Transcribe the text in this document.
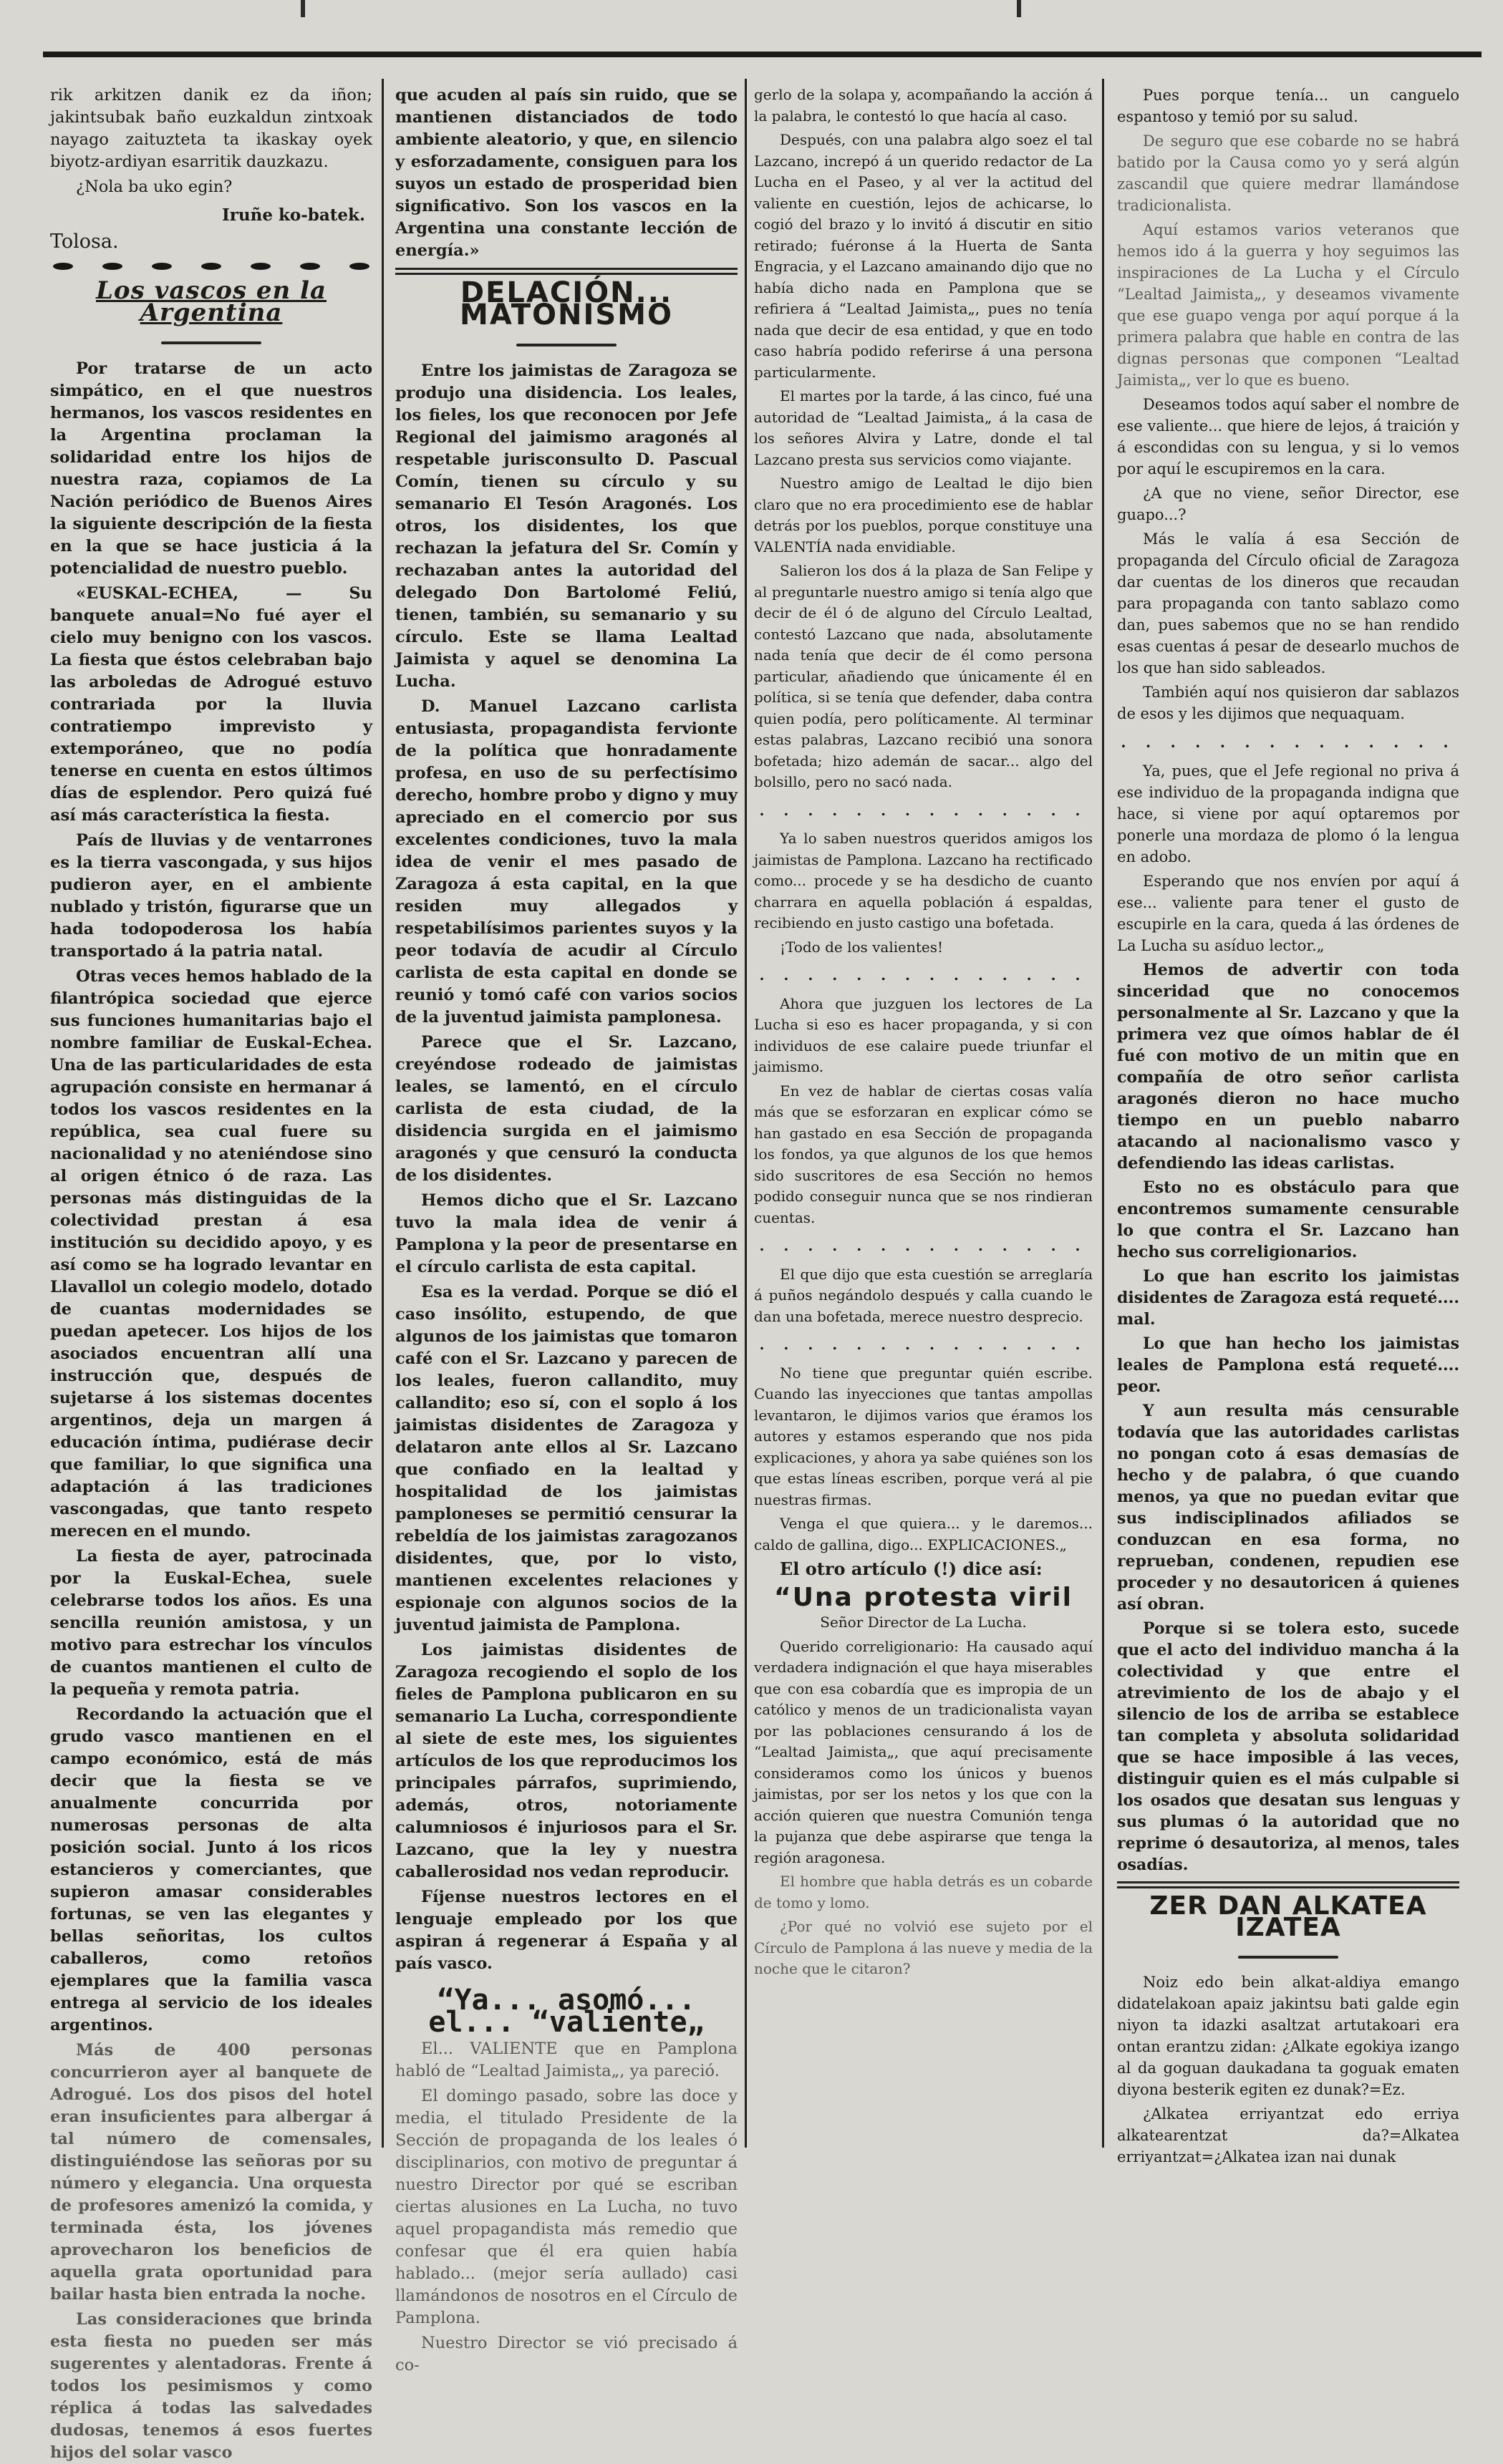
rik arkitzen danik ez da iñon; jakintsubak baño euzkaldun zintxoak nayago zaituzteta ta ikaskay oyek biyotz-ardiyan esarritik dauzkazu.

¿Nola ba uko egin?

Iruñe ko-batek.
Tolosa.
Los vascos en la Argentina

Por tratarse de un acto simpático, en el que nuestros hermanos, los vascos residentes en la Argentina proclaman la solidaridad entre los hijos de nuestra raza, copiamos de La Nación periódico de Buenos Aires la siguiente descripción de la fiesta en la que se hace justicia á la potencialidad de nuestro pueblo.

«EUSKAL-ECHEA, — Su banquete anual=No fué ayer el cielo muy benigno con los vascos. La fiesta que éstos celebraban bajo las arboledas de Adrogué estuvo contrariada por la lluvia contratiempo imprevisto y extemporáneo, que no podía tenerse en cuenta en estos últimos días de esplendor. Pero quizá fué así más característica la fiesta.

País de lluvias y de ventarrones es la tierra vascongada, y sus hijos pudieron ayer, en el ambiente nublado y tristón, figurarse que un hada todopoderosa los había transportado á la patria natal.

Otras veces hemos hablado de la filantrópica sociedad que ejerce sus funciones humanitarias bajo el nombre familiar de Euskal-Echea. Una de las particularidades de esta agrupación consiste en hermanar á todos los vascos residentes en la república, sea cual fuere su nacionalidad y no ateniéndose sino al origen étnico ó de raza. Las personas más distinguidas de la colectividad prestan á esa institución su decidido apoyo, y es así como se ha logrado levantar en Llavallol un colegio modelo, dotado de cuantas modernidades se puedan apetecer. Los hijos de los asociados encuentran allí una instrucción que, después de sujetarse á los sistemas docentes argentinos, deja un margen á educación íntima, pudiérase decir que familiar, lo que significa una adaptación á las tradiciones vascongadas, que tanto respeto merecen en el mundo.

La fiesta de ayer, patrocinada por la Euskal-Echea, suele celebrarse todos los años. Es una sencilla reunión amistosa, y un motivo para estrechar los vínculos de cuantos mantienen el culto de la pequeña y remota patria.

Recordando la actuación que el grudo vasco mantienen en el campo económico, está de más decir que la fiesta se ve anualmente concurrida por numerosas personas de alta posición social. Junto á los ricos estancieros y comerciantes, que supieron amasar considerables fortunas, se ven las elegantes y bellas señoritas, los cultos caballeros, como retoños ejemplares que la familia vasca entrega al servicio de los ideales argentinos.

Más de 400 personas concurrieron ayer al banquete de Adrogué. Los dos pisos del hotel eran insuficientes para albergar á tal número de comensales, distinguiéndose las señoras por su número y elegancia. Una orquesta de profesores amenizó la comida, y terminada ésta, los jóvenes aprovecharon los beneficios de aquella grata oportunidad para bailar hasta bien entrada la noche.

Las consideraciones que brinda esta fiesta no pueden ser más sugerentes y alentadoras. Frente á todos los pesimismos y como réplica á todas las salvedades dudosas, tenemos á esos fuertes hijos del solar vasco

que acuden al país sin ruido, que se mantienen distanciados de todo ambiente aleatorio, y que, en silencio y esforzadamente, consiguen para los suyos un estado de prosperidad bien significativo. Son los vascos en la Argentina una constante lección de energía.»

DELACIÓN... MATONISMO

Entre los jaimistas de Zaragoza se produjo una disidencia. Los leales, los fieles, los que reconocen por Jefe Regional del jaimismo aragonés al respetable jurisconsulto D. Pascual Comín, tienen su círculo y su semanario El Tesón Aragonés. Los otros, los disidentes, los que rechazan la jefatura del Sr. Comín y rechazaban antes la autoridad del delegado Don Bartolomé Feliú, tienen, también, su semanario y su círculo. Este se llama Lealtad Jaimista y aquel se denomina La Lucha.

D. Manuel Lazcano carlista entusiasta, propagandista fervionte de la política que honradamente profesa, en uso de su perfectísimo derecho, hombre probo y digno y muy apreciado en el comercio por sus excelentes condiciones, tuvo la mala idea de venir el mes pasado de Zaragoza á esta capital, en la que residen muy allegados y respetabilísimos parientes suyos y la peor todavía de acudir al Círculo carlista de esta capital en donde se reunió y tomó café con varios socios de la juventud jaimista pamplonesa.

Parece que el Sr. Lazcano, creyéndose rodeado de jaimistas leales, se lamentó, en el círculo carlista de esta ciudad, de la disidencia surgida en el jaimismo aragonés y que censuró la conducta de los disidentes.

Hemos dicho que el Sr. Lazcano tuvo la mala idea de venir á Pamplona y la peor de presentarse en el círculo carlista de esta capital.

Esa es la verdad. Porque se dió el caso insólito, estupendo, de que algunos de los jaimistas que tomaron café con el Sr. Lazcano y parecen de los leales, fueron callandito, muy callandito; eso sí, con el soplo á los jaimistas disidentes de Zaragoza y delataron ante ellos al Sr. Lazcano que confiado en la lealtad y hospitalidad de los jaimistas pamploneses se permitió censurar la rebeldía de los jaimistas zaragozanos disidentes, que, por lo visto, mantienen excelentes relaciones y espionaje con algunos socios de la juventud jaimista de Pamplona.

Los jaimistas disidentes de Zaragoza recogiendo el soplo de los fieles de Pamplona publicaron en su semanario La Lucha, correspondiente al siete de este mes, los siguientes artículos de los que reproducimos los principales párrafos, suprimiendo, además, otros, notoriamente calumniosos é injuriosos para el Sr. Lazcano, que la ley y nuestra caballerosidad nos vedan reproducir.

Fíjense nuestros lectores en el lenguaje empleado por los que aspiran á regenerar á España y al país vasco.

“Ya... asomó... el... “valiente„

El... VALIENTE que en Pamplona habló de “Lealtad Jaimista„, ya pareció.

El domingo pasado, sobre las doce y media, el titulado Presidente de la Sección de propaganda de los leales ó disciplinarios, con motivo de preguntar á nuestro Director por qué se escriban ciertas alusiones en La Lucha, no tuvo aquel propagandista más remedio que confesar que él era quien había hablado... (mejor sería aullado) casi llamándonos de nosotros en el Círculo de Pamplona.

Nuestro Director se vió precisado á co-

gerlo de la solapa y, acompañando la acción á la palabra, le contestó lo que hacía al caso.

Después, con una palabra algo soez el tal Lazcano, increpó á un querido redactor de La Lucha en el Paseo, y al ver la actitud del valiente en cuestión, lejos de achicarse, lo cogió del brazo y lo invitó á discutir en sitio retirado; fuéronse á la Huerta de Santa Engracia, y el Lazcano amainando dijo que no había dicho nada en Pamplona que se refiriera á “Lealtad Jaimista„, pues no tenía nada que decir de esa entidad, y que en todo caso habría podido referirse á una persona particularmente.

El martes por la tarde, á las cinco, fué una autoridad de “Lealtad Jaimista„ á la casa de los señores Alvira y Latre, donde el tal Lazcano presta sus servicios como viajante.

Nuestro amigo de Lealtad le dijo bien claro que no era procedimiento ese de hablar detrás por los pueblos, porque constituye una VALENTÍA nada envidiable.

Salieron los dos á la plaza de San Felipe y al preguntarle nuestro amigo si tenía algo que decir de él ó de alguno del Círculo Lealtad, contestó Lazcano que nada, absolutamente nada tenía que decir de él como persona particular, añadiendo que únicamente él en política, si se tenía que defender, daba contra quien podía, pero políticamente. Al terminar estas palabras, Lazcano recibió una sonora bofetada; hizo ademán de sacar... algo del bolsillo, pero no sacó nada.

. . . . . . . . . . . . . .

Ya lo saben nuestros queridos amigos los jaimistas de Pamplona. Lazcano ha rectificado como... procede y se ha desdicho de cuanto charrara en aquella población á espaldas, recibiendo en justo castigo una bofetada.

¡Todo de los valientes!

. . . . . . . . . . . . . .

Ahora que juzguen los lectores de La Lucha si eso es hacer propaganda, y si con individuos de ese calaire puede triunfar el jaimismo.

En vez de hablar de ciertas cosas valía más que se esforzaran en explicar cómo se han gastado en esa Sección de propaganda los fondos, ya que algunos de los que hemos sido suscritores de esa Sección no hemos podido conseguir nunca que se nos rindieran cuentas.

. . . . . . . . . . . . . .

El que dijo que esta cuestión se arreglaría á puños negándolo después y calla cuando le dan una bofetada, merece nuestro desprecio.

. . . . . . . . . . . . . .

No tiene que preguntar quién escribe. Cuando las inyecciones que tantas ampollas levantaron, le dijimos varios que éramos los autores y estamos esperando que nos pida explicaciones, y ahora ya sabe quiénes son los que estas líneas escriben, porque verá al pie nuestras firmas.

Venga el que quiera... y le daremos... caldo de gallina, digo... EXPLICACIONES.„

El otro artículo (!) dice así:

“Una protesta viril

Señor Director de La Lucha.

Querido correligionario: Ha causado aquí verdadera indignación el que haya miserables que con esa cobardía que es impropia de un católico y menos de un tradicionalista vayan por las poblaciones censurando á los de “Lealtad Jaimista„, que aquí precisamente consideramos como los únicos y buenos jaimistas, por ser los netos y los que con la acción quieren que nuestra Comunión tenga la pujanza que debe aspirarse que tenga la región aragonesa.

El hombre que habla detrás es un cobarde de tomo y lomo.

¿Por qué no volvió ese sujeto por el Círculo de Pamplona á las nueve y media de la noche que le citaron?

Pues porque tenía... un canguelo espantoso y temió por su salud.

De seguro que ese cobarde no se habrá batido por la Causa como yo y será algún zascandil que quiere medrar llamándose tradicionalista.

Aquí estamos varios veteranos que hemos ido á la guerra y hoy seguimos las inspiraciones de La Lucha y el Círculo “Lealtad Jaimista„, y deseamos vivamente que ese guapo venga por aquí porque á la primera palabra que hable en contra de las dignas personas que componen “Lealtad Jaimista„, ver lo que es bueno.

Deseamos todos aquí saber el nombre de ese valiente... que hiere de lejos, á traición y á escondidas con su lengua, y si lo vemos por aquí le escupiremos en la cara.

¿A que no viene, señor Director, ese guapo...?

Más le valía á esa Sección de propaganda del Círculo oficial de Zaragoza dar cuentas de los dineros que recaudan para propaganda con tanto sablazo como dan, pues sabemos que no se han rendido esas cuentas á pesar de desearlo muchos de los que han sido sableados.

También aquí nos quisieron dar sablazos de esos y les dijimos que nequaquam.

. . . . . . . . . . . . . .

Ya, pues, que el Jefe regional no priva á ese individuo de la propaganda indigna que hace, si viene por aquí optaremos por ponerle una mordaza de plomo ó la lengua en adobo.

Esperando que nos envíen por aquí á ese... valiente para tener el gusto de escupirle en la cara, queda á las órdenes de La Lucha su asíduo lector.„

Hemos de advertir con toda sinceridad que no conocemos personalmente al Sr. Lazcano y que la primera vez que oímos hablar de él fué con motivo de un mitin que en compañía de otro señor carlista aragonés dieron no hace mucho tiempo en un pueblo nabarro atacando al nacionalismo vasco y defendiendo las ideas carlistas.

Esto no es obstáculo para que encontremos sumamente censurable lo que contra el Sr. Lazcano han hecho sus correligionarios.

Lo que han escrito los jaimistas disidentes de Zaragoza está requeté.... mal.

Lo que han hecho los jaimistas leales de Pamplona está requeté.... peor.

Y aun resulta más censurable todavía que las autoridades carlistas no pongan coto á esas demasías de hecho y de palabra, ó que cuando menos, ya que no puedan evitar que sus indisciplinados afiliados se conduzcan en esa forma, no reprueban, condenen, repudien ese proceder y no desautoricen á quienes así obran.

Porque si se tolera esto, sucede que el acto del individuo mancha á la colectividad y que entre el atrevimiento de los de abajo y el silencio de los de arriba se establece tan completa y absoluta solidaridad que se hace imposible á las veces, distinguir quien es el más culpable si los osados que desatan sus lenguas y sus plumas ó la autoridad que no reprime ó desautoriza, al menos, tales osadías.

ZER DAN ALKATEA IZATEA

Noiz edo bein alkat-aldiya emango didatelakoan apaiz jakintsu bati galde egin niyon ta idazki asaltzat artutakoari era ontan erantzu zidan: ¿Alkate egokiya izango al da goguan daukadana ta goguak ematen diyona besterik egiten ez dunak?=Ez.

¿Alkatea erriyantzat edo erriya alkatearentzat da?=Alkatea erriyantzat=¿Alkatea izan nai dunak
